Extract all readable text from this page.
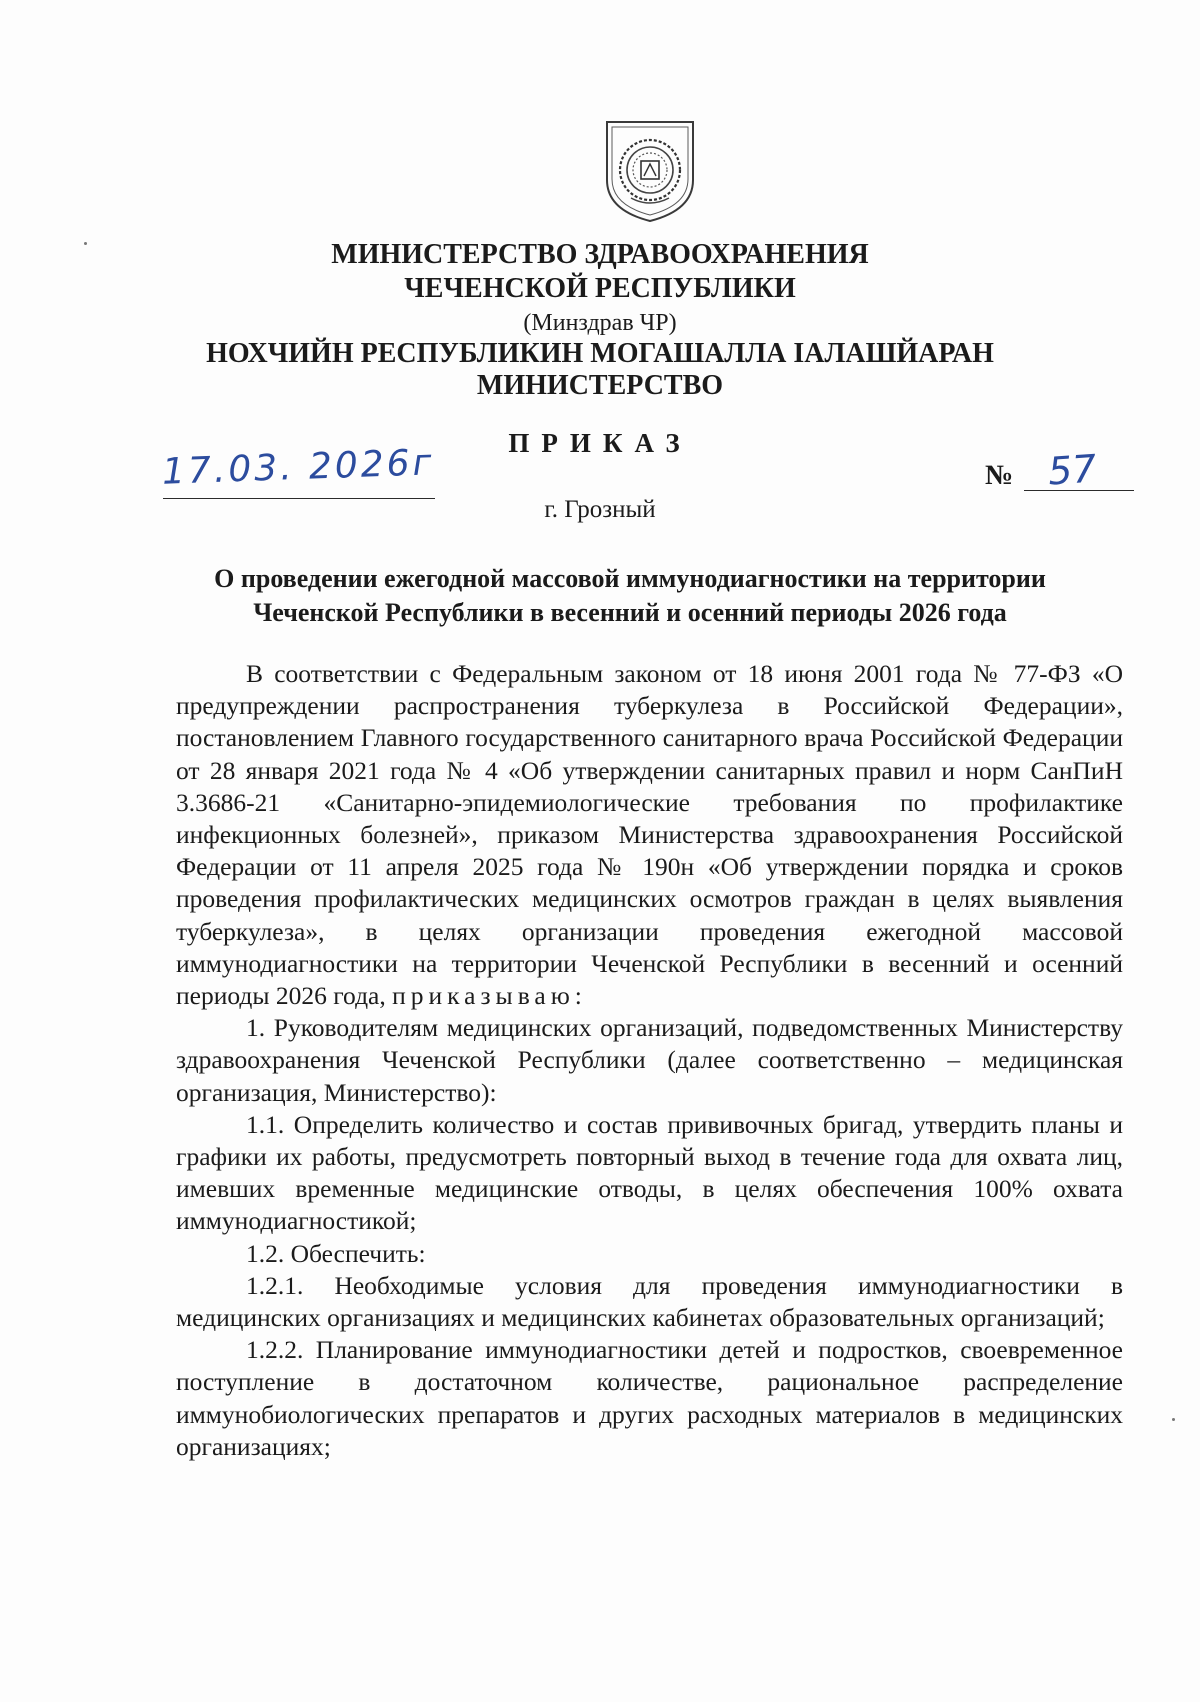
МИНИСТЕРСТВО ЗДРАВООХРАНЕНИЯ
ЧЕЧЕНСКОЙ РЕСПУБЛИКИ
(Минздрав ЧР)
НОХЧИЙН РЕСПУБЛИКИН МОГАШАЛЛА IАЛАШЙАРАН
МИНИСТЕРСТВО
ПРИКАЗ
17.03. 2026г	№ 57
г. Грозный
О проведении ежегодной массовой иммунодиагностики на территории
Чеченской Республики в весенний и осенний периоды 2026 года

В соответствии с Федеральным законом от 18 июня 2001 года № 77-ФЗ «О предупреждении распространения туберкулеза в Российской Федерации», постановлением Главного государственного санитарного врача Российской Федерации от 28 января 2021 года № 4 «Об утверждении санитарных правил и норм СанПиН 3.3686-21 «Санитарно-эпидемиологические требования по профилактике инфекционных болезней», приказом Министерства здравоохранения Российской Федерации от 11 апреля 2025 года № 190н «Об утверждении порядка и сроков проведения профилактических медицинских осмотров граждан в целях выявления туберкулеза», в целях организации проведения ежегодной массовой иммунодиагностики на территории Чеченской Республики в весенний и осенний периоды 2026 года, приказываю:

1. Руководителям медицинских организаций, подведомственных Министерству здравоохранения Чеченской Республики (далее соответственно – медицинская организация, Министерство):

1.1. Определить количество и состав прививочных бригад, утвердить планы и графики их работы, предусмотреть повторный выход в течение года для охвата лиц, имевших временные медицинские отводы, в целях обеспечения 100% охвата иммунодиагностикой;

1.2. Обеспечить:

1.2.1. Необходимые условия для проведения иммунодиагностики в медицинских организациях и медицинских кабинетах образовательных организаций;

1.2.2. Планирование иммунодиагностики детей и подростков, своевременное поступление в достаточном количестве, рациональное распределение иммунобиологических препаратов и других расходных материалов в медицинских организациях;
